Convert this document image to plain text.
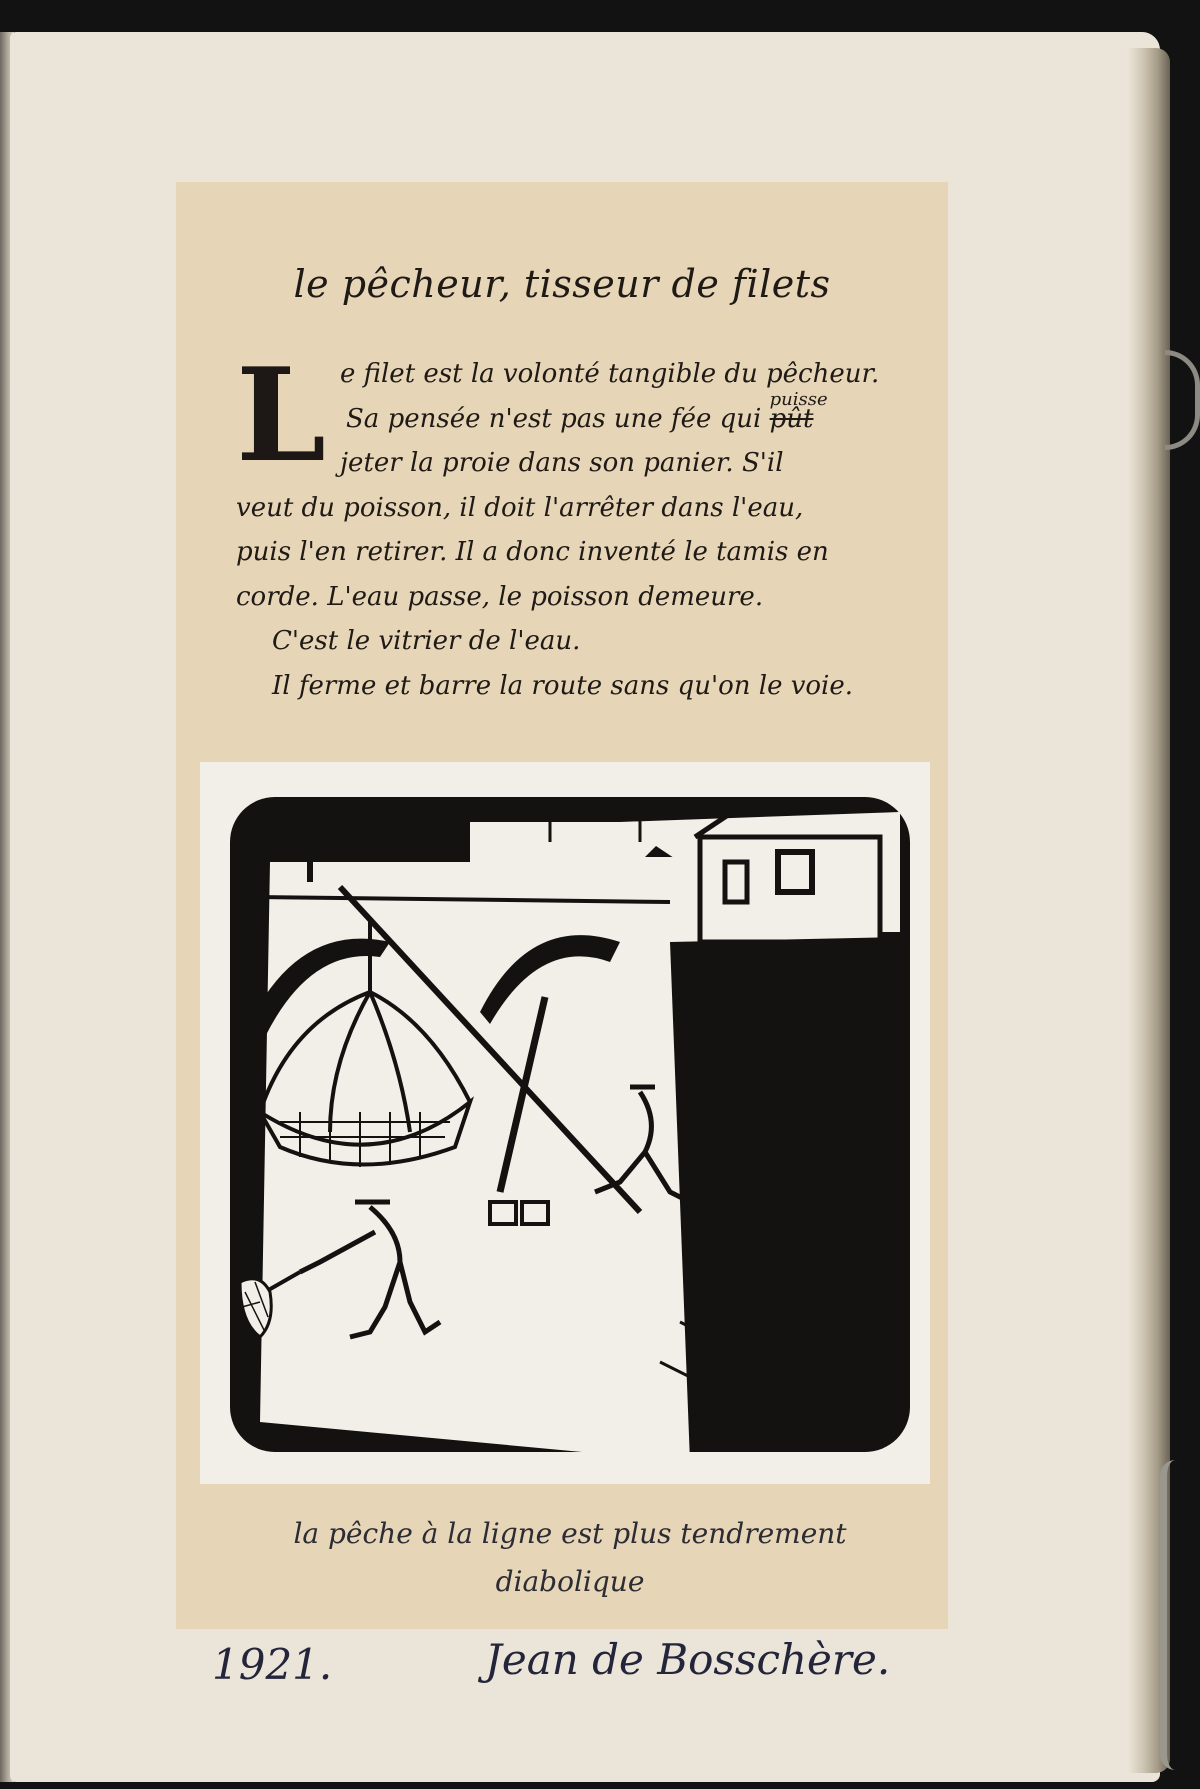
le pêcheur, tisseur de filets
L e filet est la volonté tangible du pêcheur.
Sa pensée n'est pas une fée qui pût
puisse
jeter la proie dans son panier. S'il
veut du poisson, il doit l'arrêter dans l'eau,
puis l'en retirer. Il a donc inventé le tamis en
corde. L'eau passe, le poisson demeure.
C'est le vitrier de l'eau.
Il ferme et barre la route sans qu'on le voie.

la pêche à la ligne est plus tendrement
diabolique
1921.	Jean de Bosschère.
